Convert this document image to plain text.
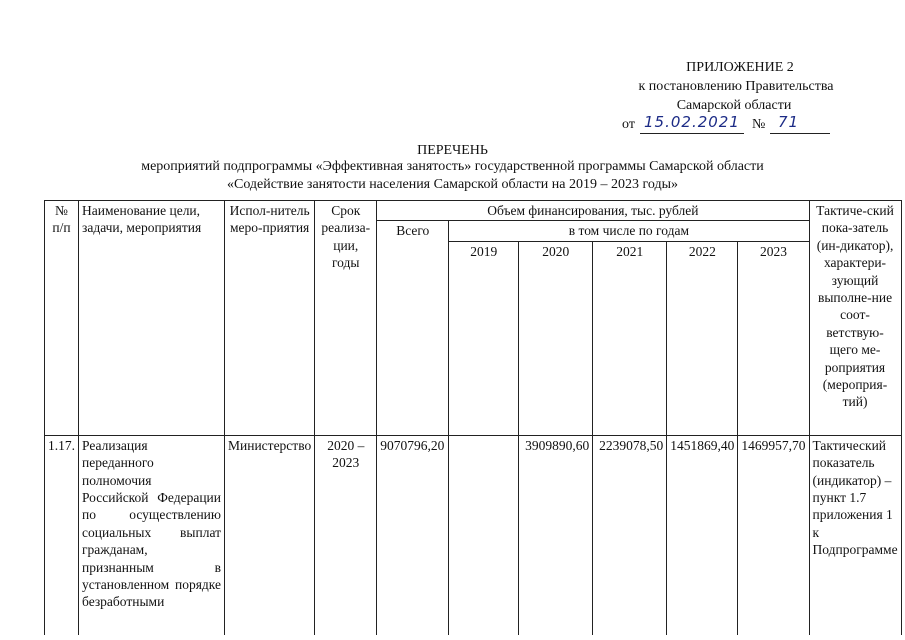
ПРИЛОЖЕНИЕ 2
к постановлению Правительства
Самарской области
от 15.02.2021 № 71
ПЕРЕЧЕНЬ
мероприятий подпрограммы «Эффективная занятость» государственной программы Самарской области
«Содействие занятости населения Самарской области на 2019 – 2023 годы»
№ п/п	Наименование цели, задачи, мероприятия	Испол-нитель меро-приятия	Срок реализа-ции, годы	Объем финансирования, тыс. рублей						Тактиче-ский пока-затель (ин-дикатор), характери-зующий выполне-ние соот-ветствую-щего ме-роприятия (мероприя-тий)
				Всего	в том числе по годам					
					2019	2020	2021	2022	2023	
1.17.	Реализация переданного полномочия Российской Федерации по осуществлению социальных выплат гражданам, признанным в установленном порядке безработными	Министерство	2020 – 2023	9070796,20		3909890,60	2239078,50	1451869,40	1469957,70	Тактический показатель (индикатор) – пункт 1.7 приложения 1 к Подпрограмме
